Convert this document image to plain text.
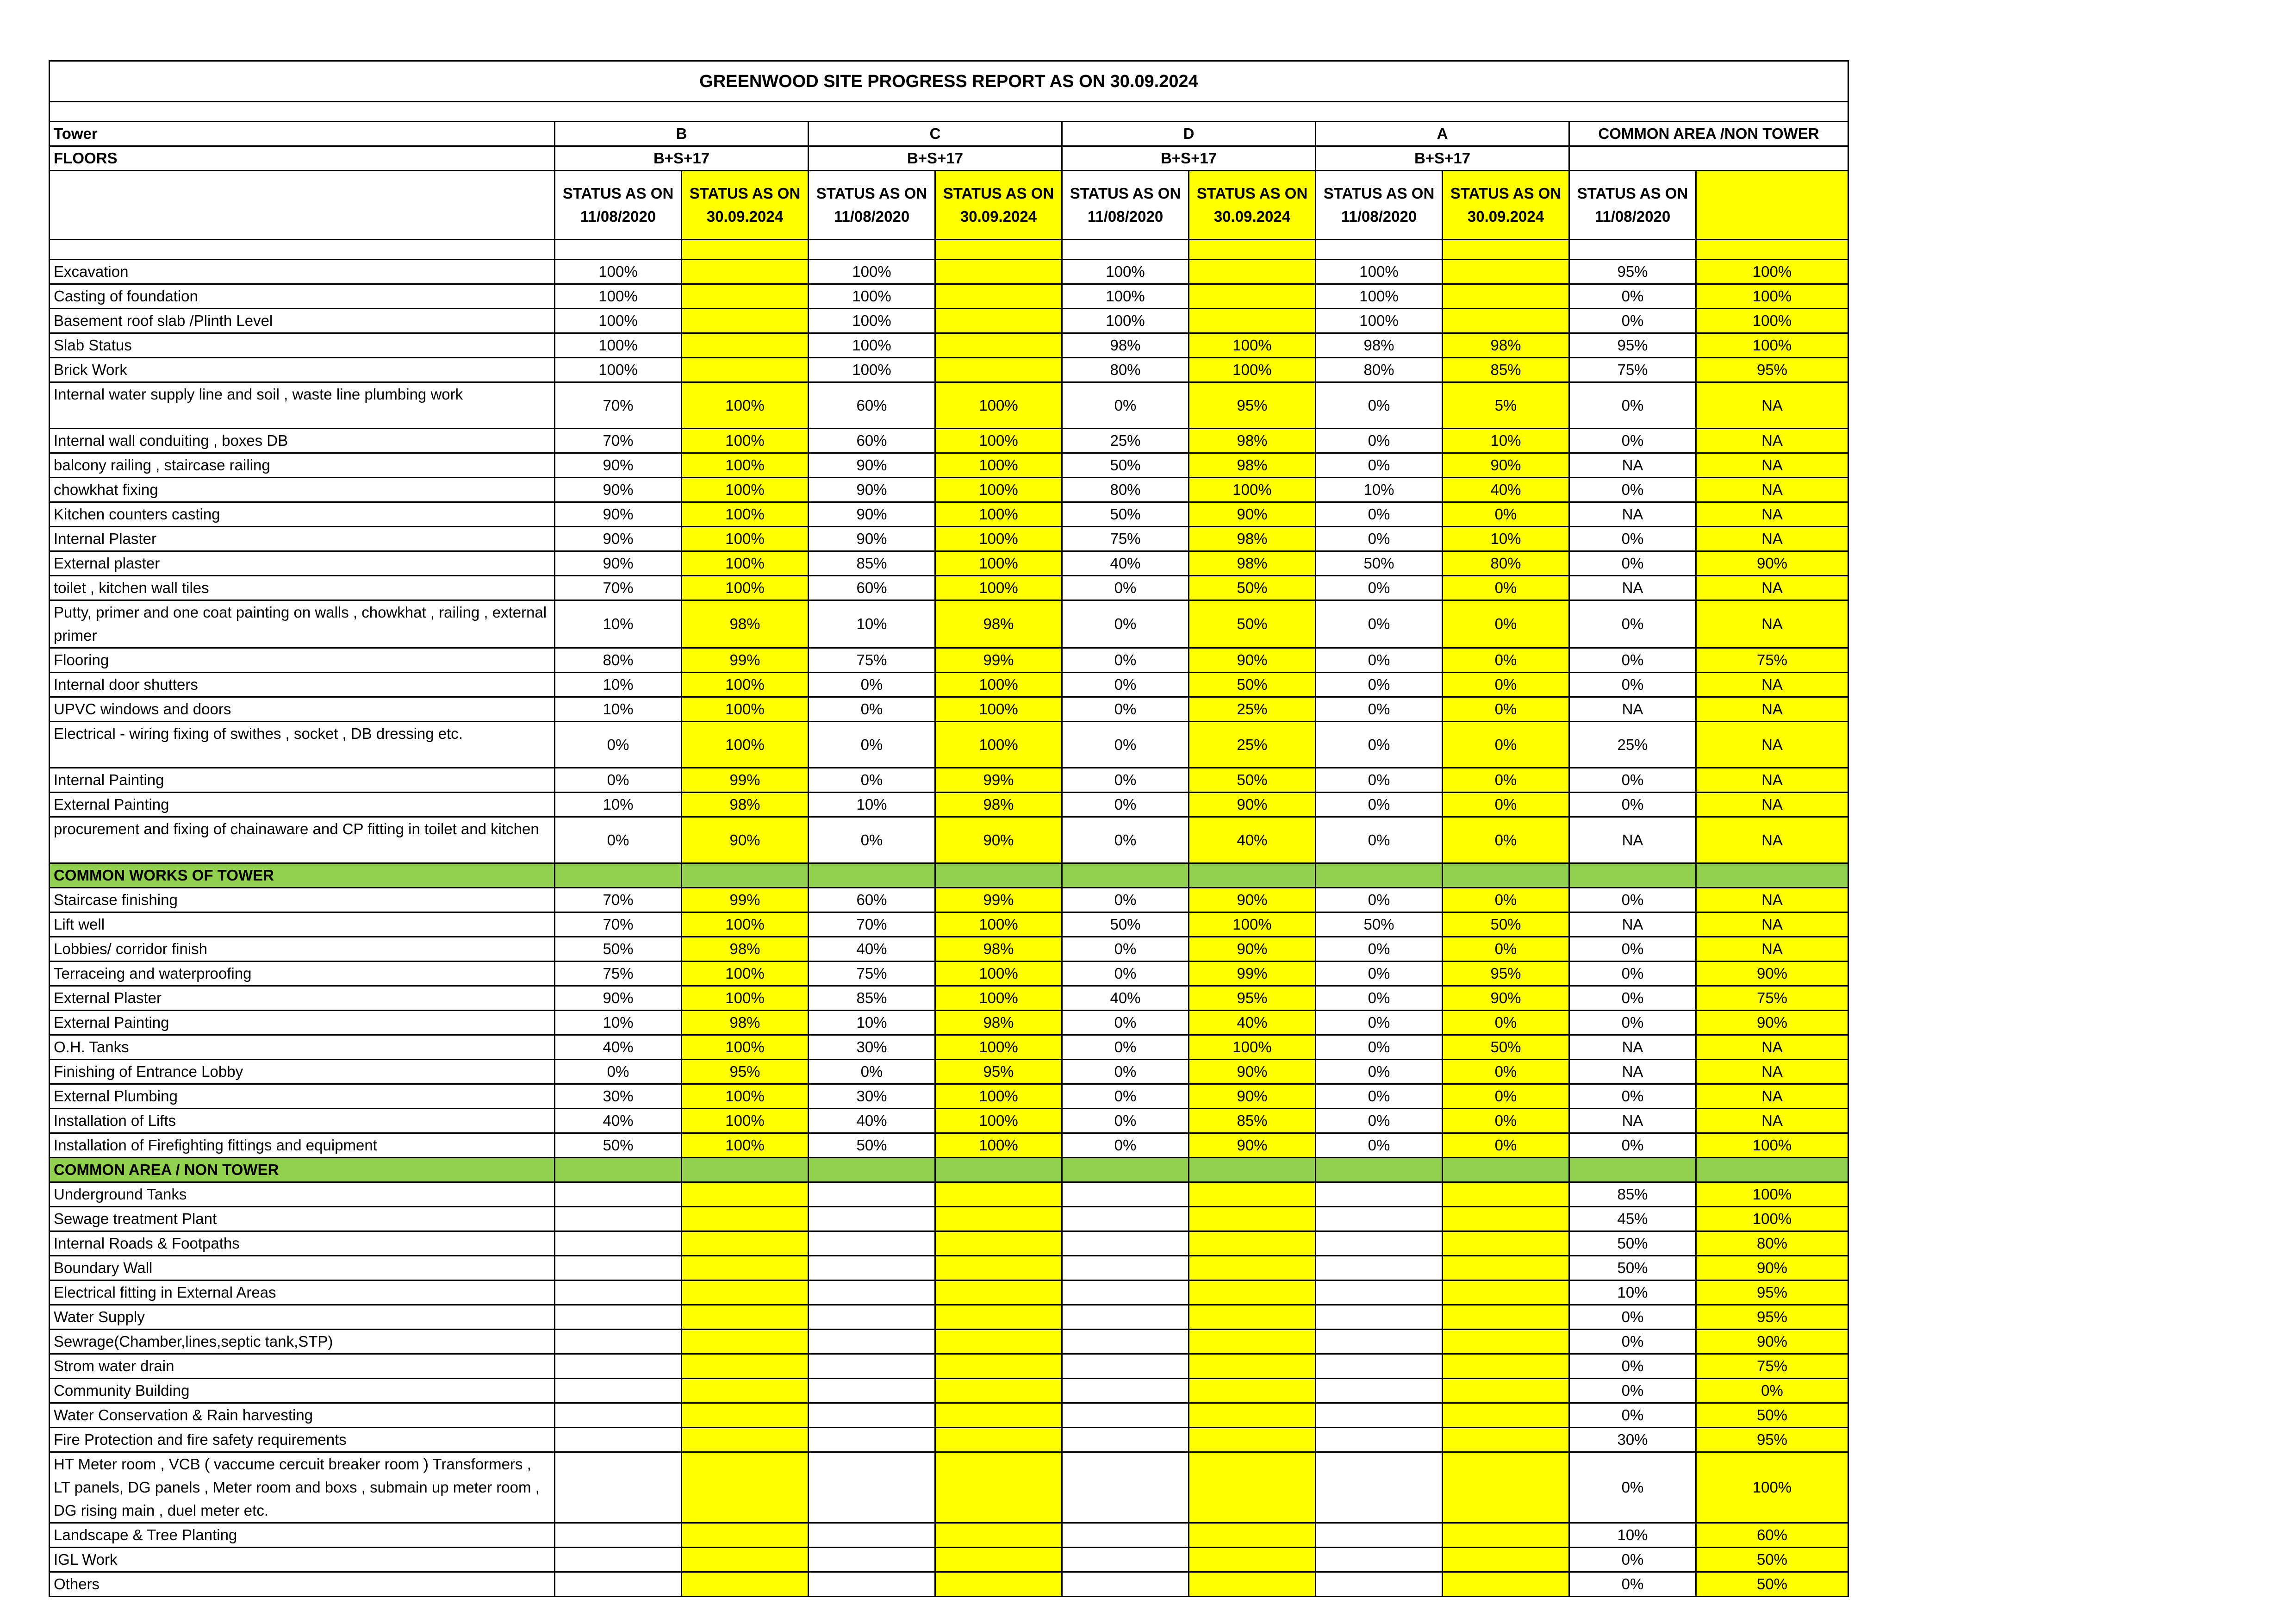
GREENWOOD SITE PROGRESS REPORT AS ON 30.09.2024										

Tower	B		C		D		A		COMMON AREA /NON TOWER	
FLOORS	B+S+17		B+S+17		B+S+17		B+S+17			
	STATUS AS ON 11/08/2020	STATUS AS ON 30.09.2024	STATUS AS ON 11/08/2020	STATUS AS ON 30.09.2024	STATUS AS ON 11/08/2020	STATUS AS ON 30.09.2024	STATUS AS ON 11/08/2020	STATUS AS ON 30.09.2024	STATUS AS ON 11/08/2020	

Excavation	100%		100%		100%		100%		95%	100%
Casting of foundation	100%		100%		100%		100%		0%	100%
Basement roof slab /Plinth Level	100%		100%		100%		100%		0%	100%
Slab Status	100%		100%		98%	100%	98%	98%	95%	100%
Brick Work	100%		100%		80%	100%	80%	85%	75%	95%
Internal water supply line and soil , waste line plumbing work	70%	100%	60%	100%	0%	95%	0%	5%	0%	NA
Internal wall conduiting , boxes DB	70%	100%	60%	100%	25%	98%	0%	10%	0%	NA
balcony railing , staircase railing	90%	100%	90%	100%	50%	98%	0%	90%	NA	NA
chowkhat fixing	90%	100%	90%	100%	80%	100%	10%	40%	0%	NA
Kitchen counters casting	90%	100%	90%	100%	50%	90%	0%	0%	NA	NA
Internal Plaster	90%	100%	90%	100%	75%	98%	0%	10%	0%	NA
External plaster	90%	100%	85%	100%	40%	98%	50%	80%	0%	90%
toilet , kitchen wall tiles	70%	100%	60%	100%	0%	50%	0%	0%	NA	NA
Putty, primer and one coat painting on walls , chowkhat , railing , external primer	10%	98%	10%	98%	0%	50%	0%	0%	0%	NA
Flooring	80%	99%	75%	99%	0%	90%	0%	0%	0%	75%
Internal door shutters	10%	100%	0%	100%	0%	50%	0%	0%	0%	NA
UPVC windows and doors	10%	100%	0%	100%	0%	25%	0%	0%	NA	NA
Electrical - wiring fixing of swithes , socket , DB dressing etc.	0%	100%	0%	100%	0%	25%	0%	0%	25%	NA
Internal Painting	0%	99%	0%	99%	0%	50%	0%	0%	0%	NA
External Painting	10%	98%	10%	98%	0%	90%	0%	0%	0%	NA
procurement and fixing of chainaware and CP fitting in toilet and kitchen	0%	90%	0%	90%	0%	40%	0%	0%	NA	NA
COMMON WORKS OF TOWER										
Staircase finishing	70%	99%	60%	99%	0%	90%	0%	0%	0%	NA
Lift well	70%	100%	70%	100%	50%	100%	50%	50%	NA	NA
Lobbies/ corridor finish	50%	98%	40%	98%	0%	90%	0%	0%	0%	NA
Terraceing and waterproofing	75%	100%	75%	100%	0%	99%	0%	95%	0%	90%
External Plaster	90%	100%	85%	100%	40%	95%	0%	90%	0%	75%
External Painting	10%	98%	10%	98%	0%	40%	0%	0%	0%	90%
O.H. Tanks	40%	100%	30%	100%	0%	100%	0%	50%	NA	NA
Finishing of Entrance Lobby	0%	95%	0%	95%	0%	90%	0%	0%	NA	NA
External Plumbing	30%	100%	30%	100%	0%	90%	0%	0%	0%	NA
Installation of Lifts	40%	100%	40%	100%	0%	85%	0%	0%	NA	NA
Installation of Firefighting fittings and equipment	50%	100%	50%	100%	0%	90%	0%	0%	0%	100%
COMMON AREA / NON TOWER										
Underground Tanks									85%	100%
Sewage treatment Plant									45%	100%
Internal Roads & Footpaths									50%	80%
Boundary Wall									50%	90%
Electrical fitting in External Areas									10%	95%
Water Supply									0%	95%
Sewrage(Chamber,lines,septic tank,STP)									0%	90%
Strom water drain									0%	75%
Community Building									0%	0%
Water Conservation & Rain harvesting									0%	50%
Fire Protection and fire safety requirements									30%	95%
HT Meter room , VCB ( vaccume cercuit breaker room ) Transformers , LT panels, DG panels , Meter room and boxs , submain up meter room , DG rising main , duel meter etc.									0%	100%
Landscape & Tree Planting									10%	60%
IGL Work									0%	50%
Others									0%	50%
